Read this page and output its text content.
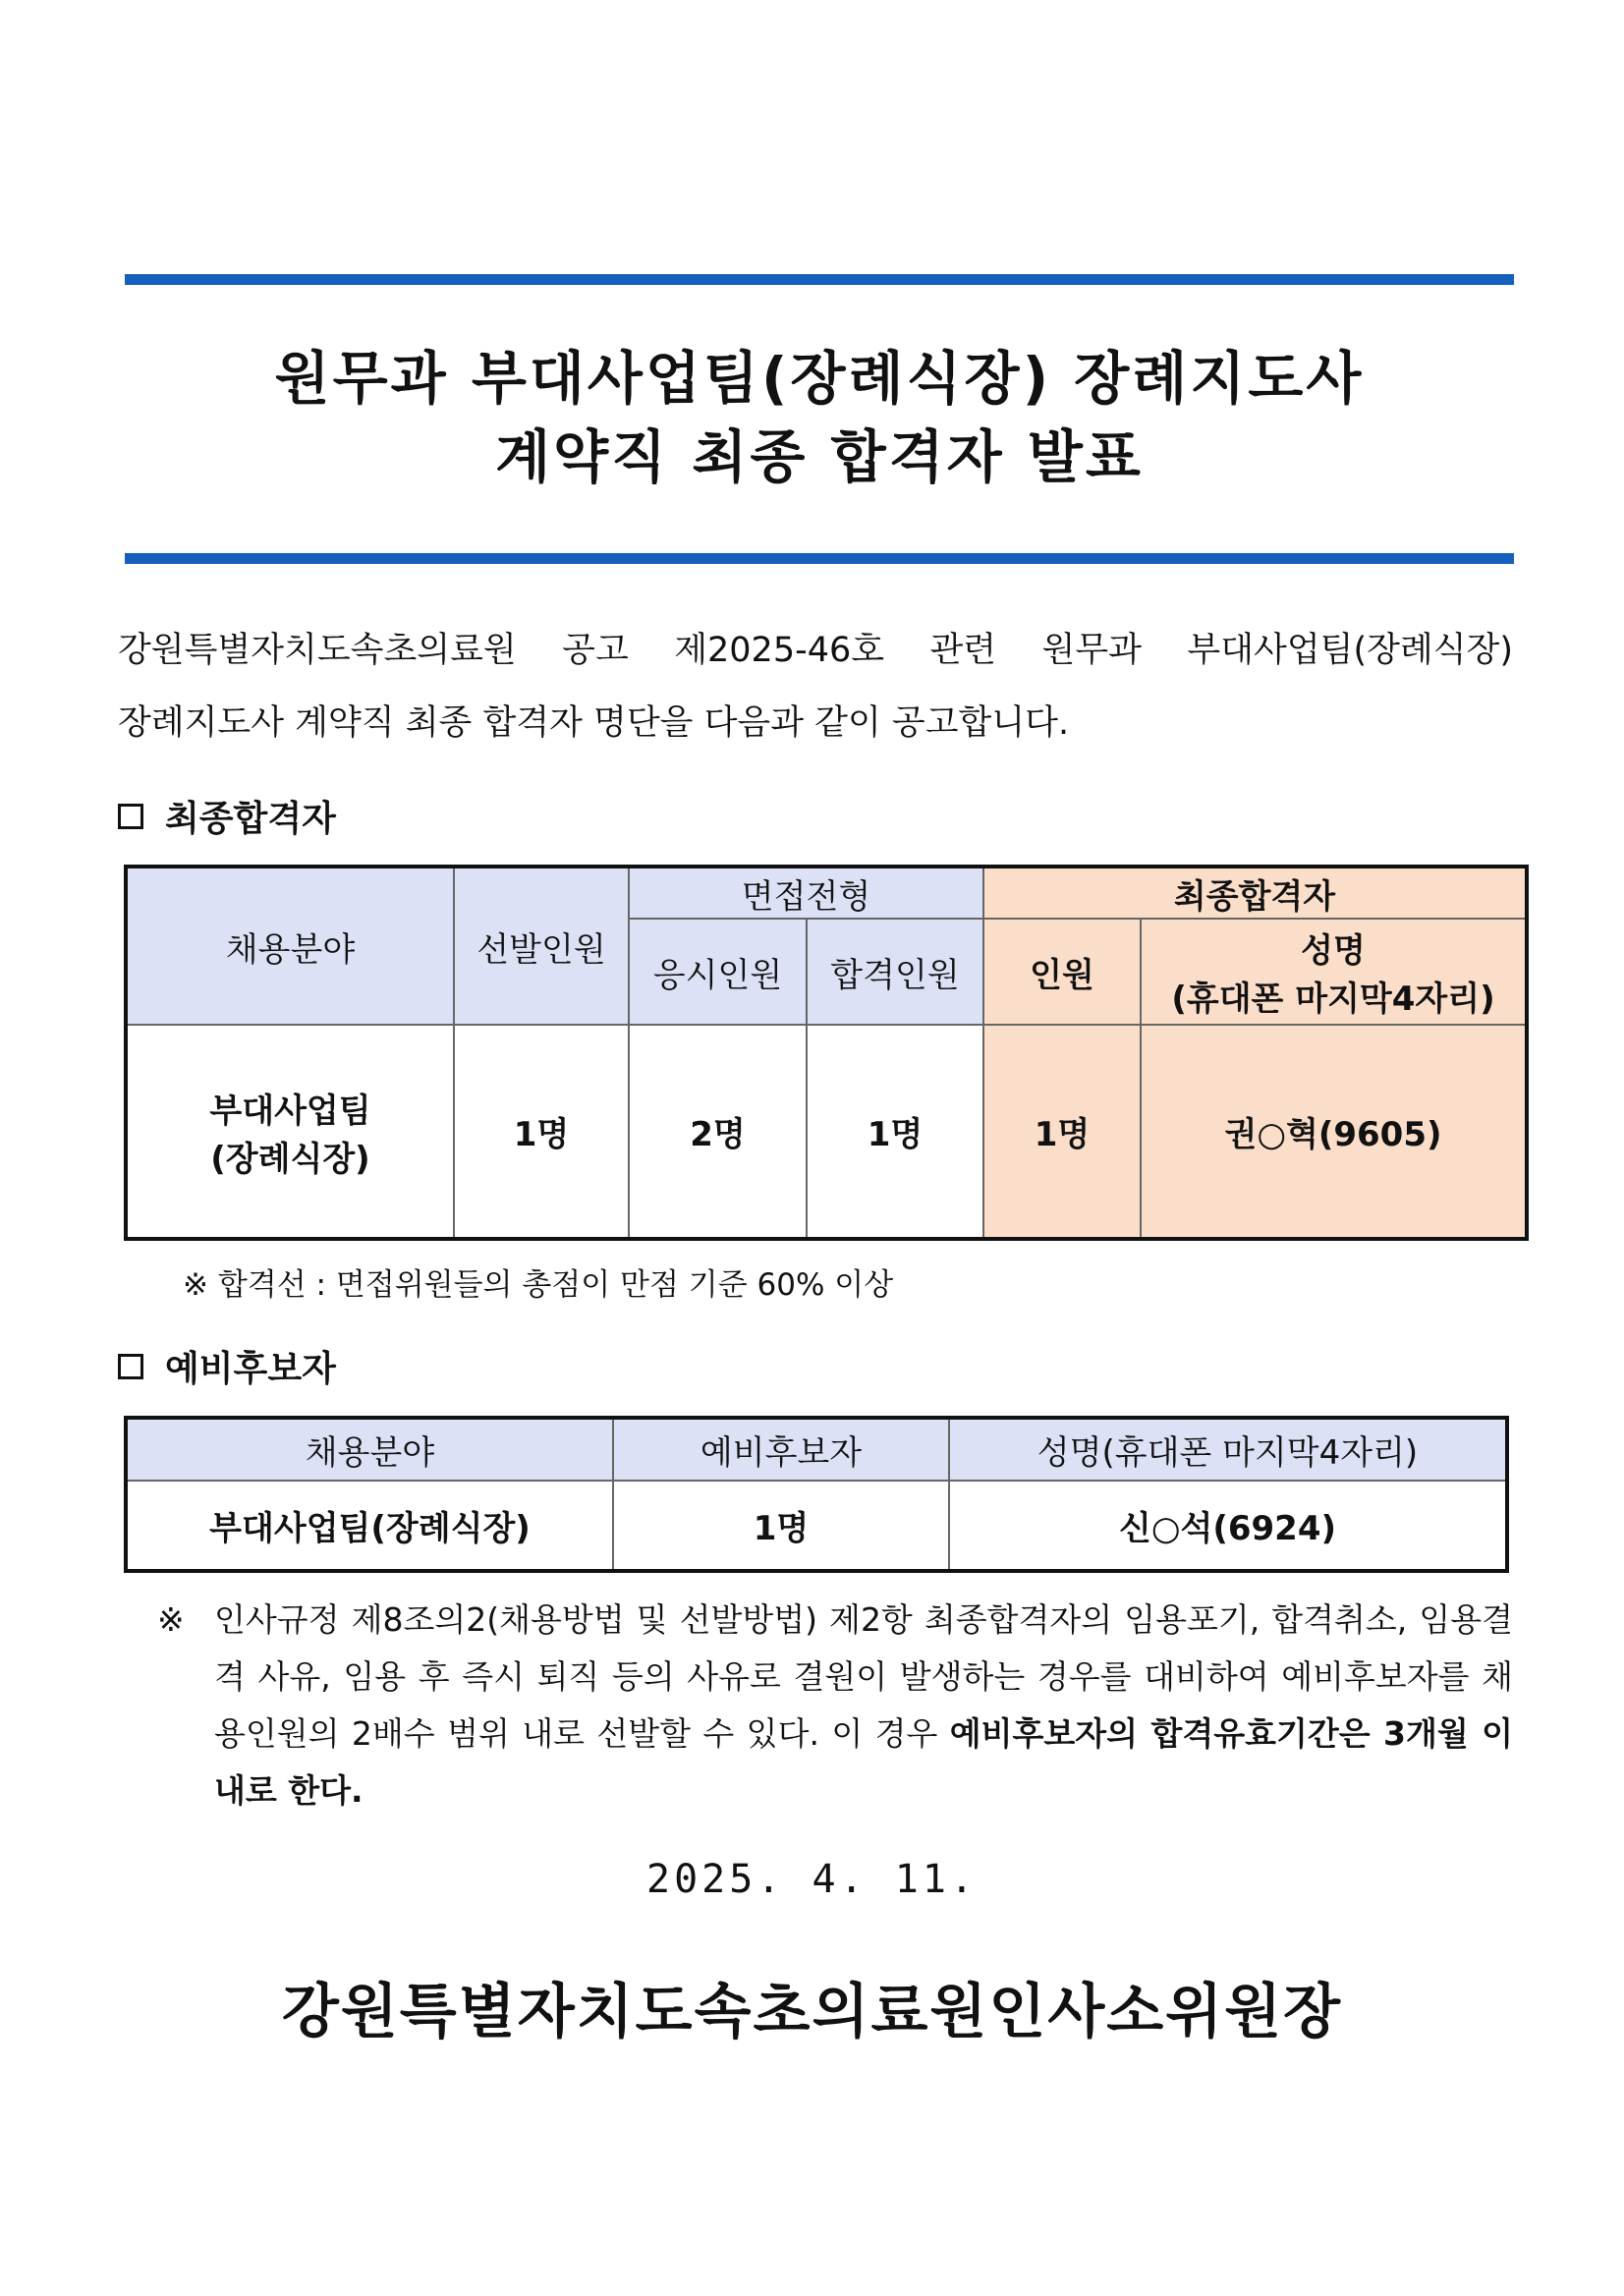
원무과 부대사업팀(장례식장) 장례지도사
계약직 최종 합격자 발표
강원특별자치도속초의료원 공고 제2025-46호 관련 원무과 부대사업팀(장례식장)
장례지도사 계약직 최종 합격자 명단을 다음과 같이 공고합니다.
최종합격자
채용분야	선발인원	면접전형		최종합격자	
		응시인원	합격인원	인원	성명
(휴대폰 마지막4자리)

부대사업팀
(장례식장)	1명	2명	1명	1명	권○혁(9605)
※ 합격선 : 면접위원들의 총점이 만점 기준 60% 이상
예비후보자
채용분야	예비후보자	성명(휴대폰 마지막4자리)
부대사업팀(장례식장)	1명	신○석(6924)
※ 인사규정 제8조의2(채용방법 및 선발방법) 제2항 최종합격자의 임용포기, 합격취소, 임용결격 사유, 임용 후 즉시 퇴직 등의 사유로 결원이 발생하는 경우를 대비하여 예비후보자를 채용인원의 2배수 범위 내로 선발할 수 있다. 이 경우 예비후보자의 합격유효기간은 3개월 이내로 한다.
2025. 4. 11.
강원특별자치도속초의료원인사소위원장
